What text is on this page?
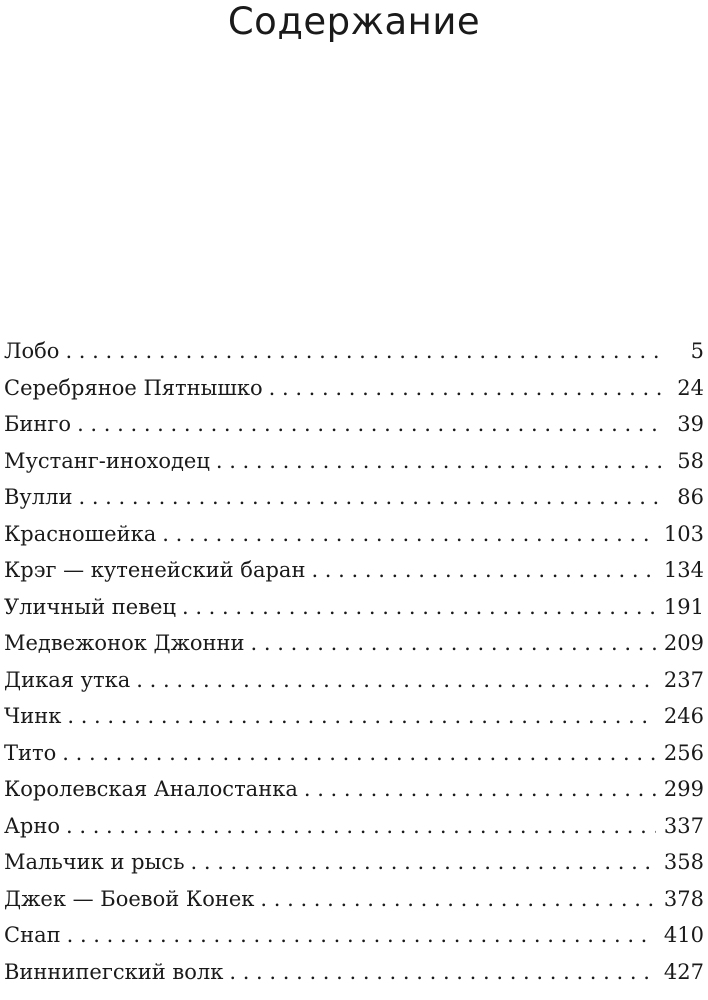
Содержание
Лобо . . .	5
Серебряное Пятнышко . . .	24
Бинго . . .	39
Мустанг-иноходец . . .	58
Вулли . . .	86
Красношейка . . .	103
Крэг — кутенейский баран . . .	134
Уличный певец . . .	191
Медвежонок Джонни . . .	209
Дикая утка . . .	237
Чинк . . .	246
Тито . . .	256
Королевская Аналостанка . . .	299
Арно . . .	337
Мальчик и рысь . . .	358
Джек — Боевой Конек . . .	378
Снап . . .	410
Виннипегский волк . . .	427
